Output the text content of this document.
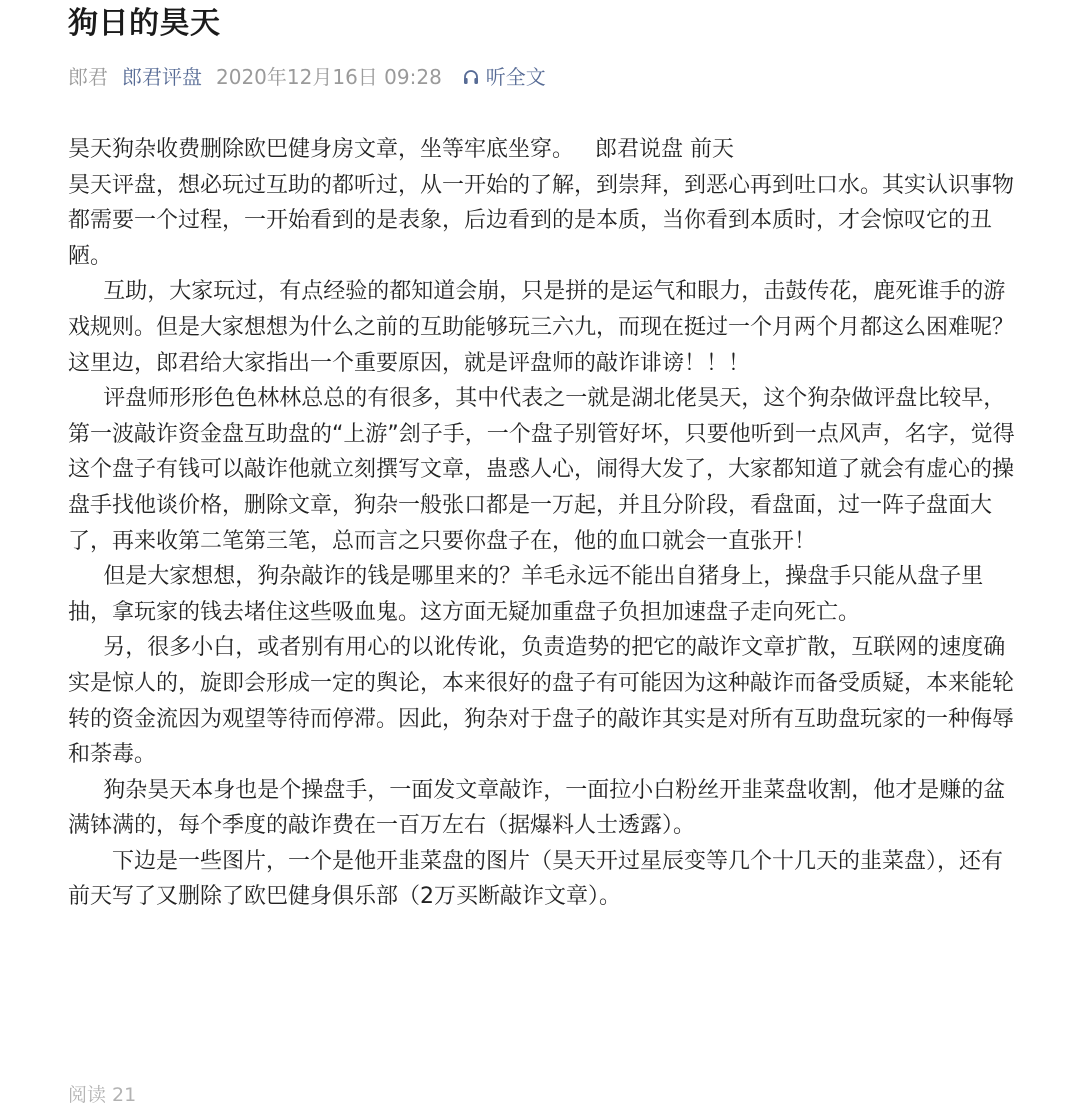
狗日的昊天
郎君 郎君评盘 2020年12月16日 09:28 听全文

昊天狗杂收费删除欧巴健身房文章，坐等牢底坐穿。   郎君说盘 前天

昊天评盘，想必玩过互助的都听过，从一开始的了解，到崇拜，到恶心再到吐口水。其实认识事物都需要一个过程，一开始看到的是表象，后边看到的是本质，当你看到本质时，才会惊叹它的丑陋。

互助，大家玩过，有点经验的都知道会崩，只是拼的是运气和眼力，击鼓传花，鹿死谁手的游戏规则。但是大家想想为什么之前的互助能够玩三六九，而现在挺过一个月两个月都这么困难呢？这里边，郎君给大家指出一个重要原因，就是评盘师的敲诈诽谤！！！

评盘师形形色色林林总总的有很多，其中代表之一就是湖北佬昊天，这个狗杂做评盘比较早，第一波敲诈资金盘互助盘的“上游”刽子手，一个盘子别管好坏，只要他听到一点风声，名字，觉得这个盘子有钱可以敲诈他就立刻撰写文章，蛊惑人心，闹得大发了，大家都知道了就会有虚心的操盘手找他谈价格，删除文章，狗杂一般张口都是一万起，并且分阶段，看盘面，过一阵子盘面大了，再来收第二笔第三笔，总而言之只要你盘子在，他的血口就会一直张开！

但是大家想想，狗杂敲诈的钱是哪里来的？羊毛永远不能出自猪身上，操盘手只能从盘子里抽，拿玩家的钱去堵住这些吸血鬼。这方面无疑加重盘子负担加速盘子走向死亡。

另，很多小白，或者别有用心的以讹传讹，负责造势的把它的敲诈文章扩散，互联网的速度确实是惊人的，旋即会形成一定的舆论，本来很好的盘子有可能因为这种敲诈而备受质疑，本来能轮转的资金流因为观望等待而停滞。因此，狗杂对于盘子的敲诈其实是对所有互助盘玩家的一种侮辱和荼毒。

狗杂昊天本身也是个操盘手，一面发文章敲诈，一面拉小白粉丝开韭菜盘收割，他才是赚的盆满钵满的，每个季度的敲诈费在一百万左右（据爆料人士透露）。

下边是一些图片，一个是他开韭菜盘的图片（昊天开过星辰变等几个十几天的韭菜盘），还有前天写了又删除了欧巴健身俱乐部（2万买断敲诈文章）。

阅读 21
